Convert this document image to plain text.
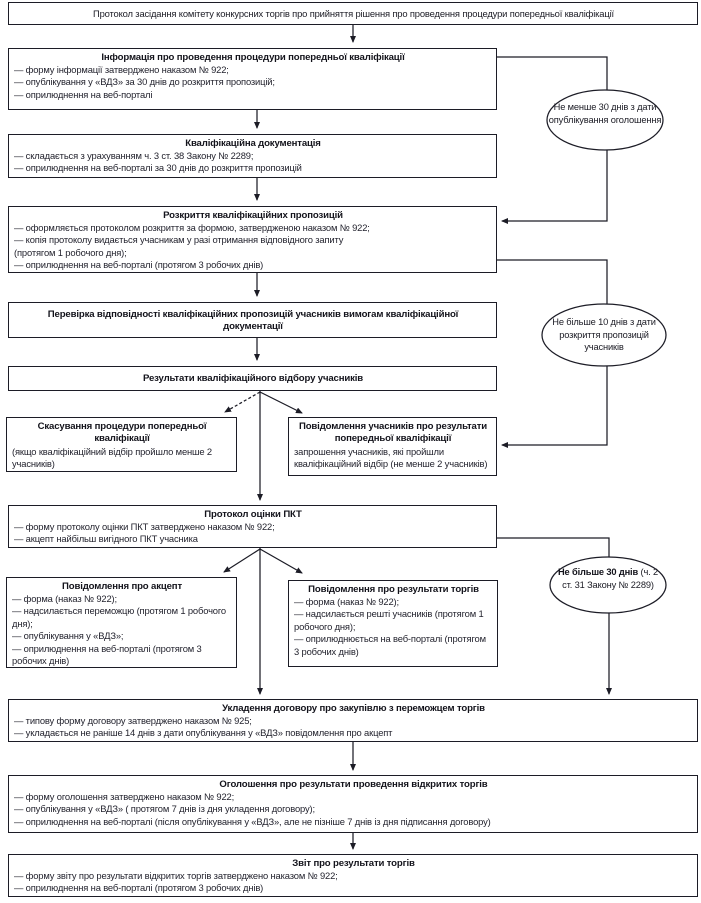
Протокол засідання комітету конкурсних торгів про прийняття рішення про проведення процедури попередньої кваліфікації
Інформація про проведення процедури попередньої кваліфікації
— форму інформації затверджено наказом № 922;
— опублікування у «ВДЗ» за 30 днів до розкриття пропозицій;
— оприлюднення на веб-порталі
Кваліфікаційна документація
— складається з урахуванням ч. 3 ст. 38 Закону № 2289;
— оприлюднення на веб-порталі за 30 днів до розкриття пропозицій
Розкриття кваліфікаційних пропозицій
— оформляється протоколом розкриття за формою, затвердженою наказом № 922;
— копія протоколу видається учасникам у разі отримання відповідного запиту (протягом 1 робочого дня);
— оприлюднення на веб-порталі (протягом 3 робочих днів)
Перевірка відповідності кваліфікаційних пропозицій учасників вимогам кваліфікаційної документації
Результати кваліфікаційного відбору учасників
Скасування процедури попередньої кваліфікації
(якщо кваліфікаційний відбір пройшло менше 2 учасників)
Повідомлення учасників про результати попередньої кваліфікації
запрошення учасників, які пройшли кваліфікаційний відбір (не менше 2 учасників)
Протокол оцінки ПКТ
— форму протоколу оцінки ПКТ затверджено наказом № 922;
— акцепт найбільш вигідного ПКТ учасника
Повідомлення про акцепт
— форма (наказ № 922);
— надсилається переможцю (протягом 1 робочого дня);
— опублікування у «ВДЗ»;
— оприлюднення на веб-порталі (протягом 3 робочих днів)
Повідомлення про результати торгів
— форма (наказ № 922);
— надсилається решті учасників (протягом 1 робочого дня);
— оприлюднюється на веб-порталі (протягом 3 робочих днів)
Укладення договору про закупівлю з переможцем торгів
— типову форму договору затверджено наказом № 925;
— укладається не раніше 14 днів з дати опублікування у «ВДЗ» повідомлення про акцепт
Оголошення про результати проведення відкритих торгів
— форму оголошення затверджено наказом № 922;
— опублікування у «ВДЗ» ( протягом 7 днів із дня укладення договору);
— оприлюднення на веб-порталі (після опублікування у «ВДЗ», але не пізніше 7 днів із дня підписання договору)
Звіт про результати торгів
— форму звіту про результати відкритих торгів затверджено наказом № 922;
— оприлюднення на веб-порталі (протягом 3 робочих днів)
Не менше 30 днів з дати опублікування оголошення
Не більше 10 днів з дати розкриття пропозицій учасників
Не більше 30 днів (ч. 2 ст. 31 Закону № 2289)
